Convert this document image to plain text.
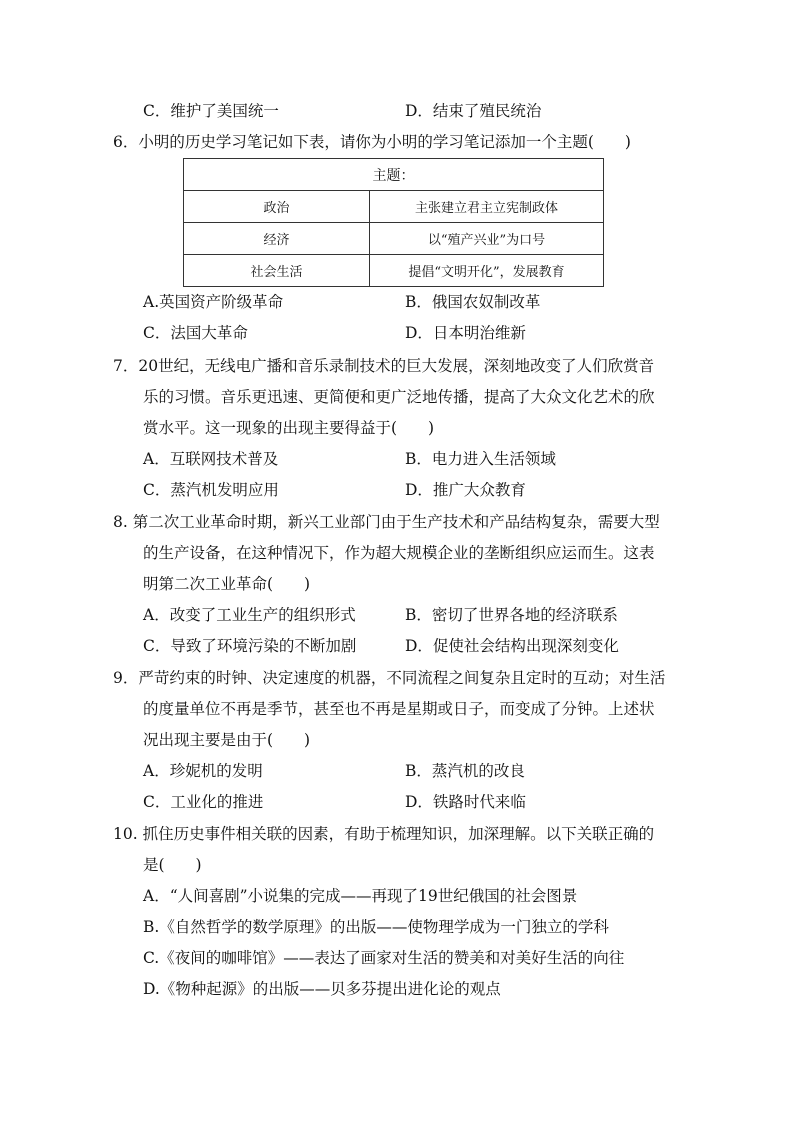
C．维护了美国统一	D．结束了殖民统治
6．小明的历史学习笔记如下表，请你为小明的学习笔记添加一个主题(　　)
主题：	
政治	主张建立君主立宪制政体
经济	以“殖产兴业”为口号
社会生活	提倡“文明开化”，发展教育
A.英国资产阶级革命	B．俄国农奴制改革
C．法国大革命	D．日本明治维新
7．20世纪，无线电广播和音乐录制技术的巨大发展，深刻地改变了人们欣赏音
乐的习惯。音乐更迅速、更简便和更广泛地传播，提高了大众文化艺术的欣
赏水平。这一现象的出现主要得益于(　　)
A．互联网技术普及	B．电力进入生活领域
C．蒸汽机发明应用	D．推广大众教育
8. 第二次工业革命时期，新兴工业部门由于生产技术和产品结构复杂，需要大型
的生产设备，在这种情况下，作为超大规模企业的垄断组织应运而生。这表
明第二次工业革命(　　)
A．改变了工业生产的组织形式	B．密切了世界各地的经济联系
C．导致了环境污染的不断加剧	D．促使社会结构出现深刻变化
9．严苛约束的时钟、决定速度的机器，不同流程之间复杂且定时的互动；对生活
的度量单位不再是季节，甚至也不再是星期或日子，而变成了分钟。上述状
况出现主要是由于(　　)
A．珍妮机的发明	B．蒸汽机的改良
C．工业化的推进	D．铁路时代来临
10. 抓住历史事件相关联的因素，有助于梳理知识，加深理解。以下关联正确的
是(　　)
A．“人间喜剧”小说集的完成——再现了19世纪俄国的社会图景
B.《自然哲学的数学原理》的出版——使物理学成为一门独立的学科
C.《夜间的咖啡馆》——表达了画家对生活的赞美和对美好生活的向往
D.《物种起源》的出版——贝多芬提出进化论的观点
